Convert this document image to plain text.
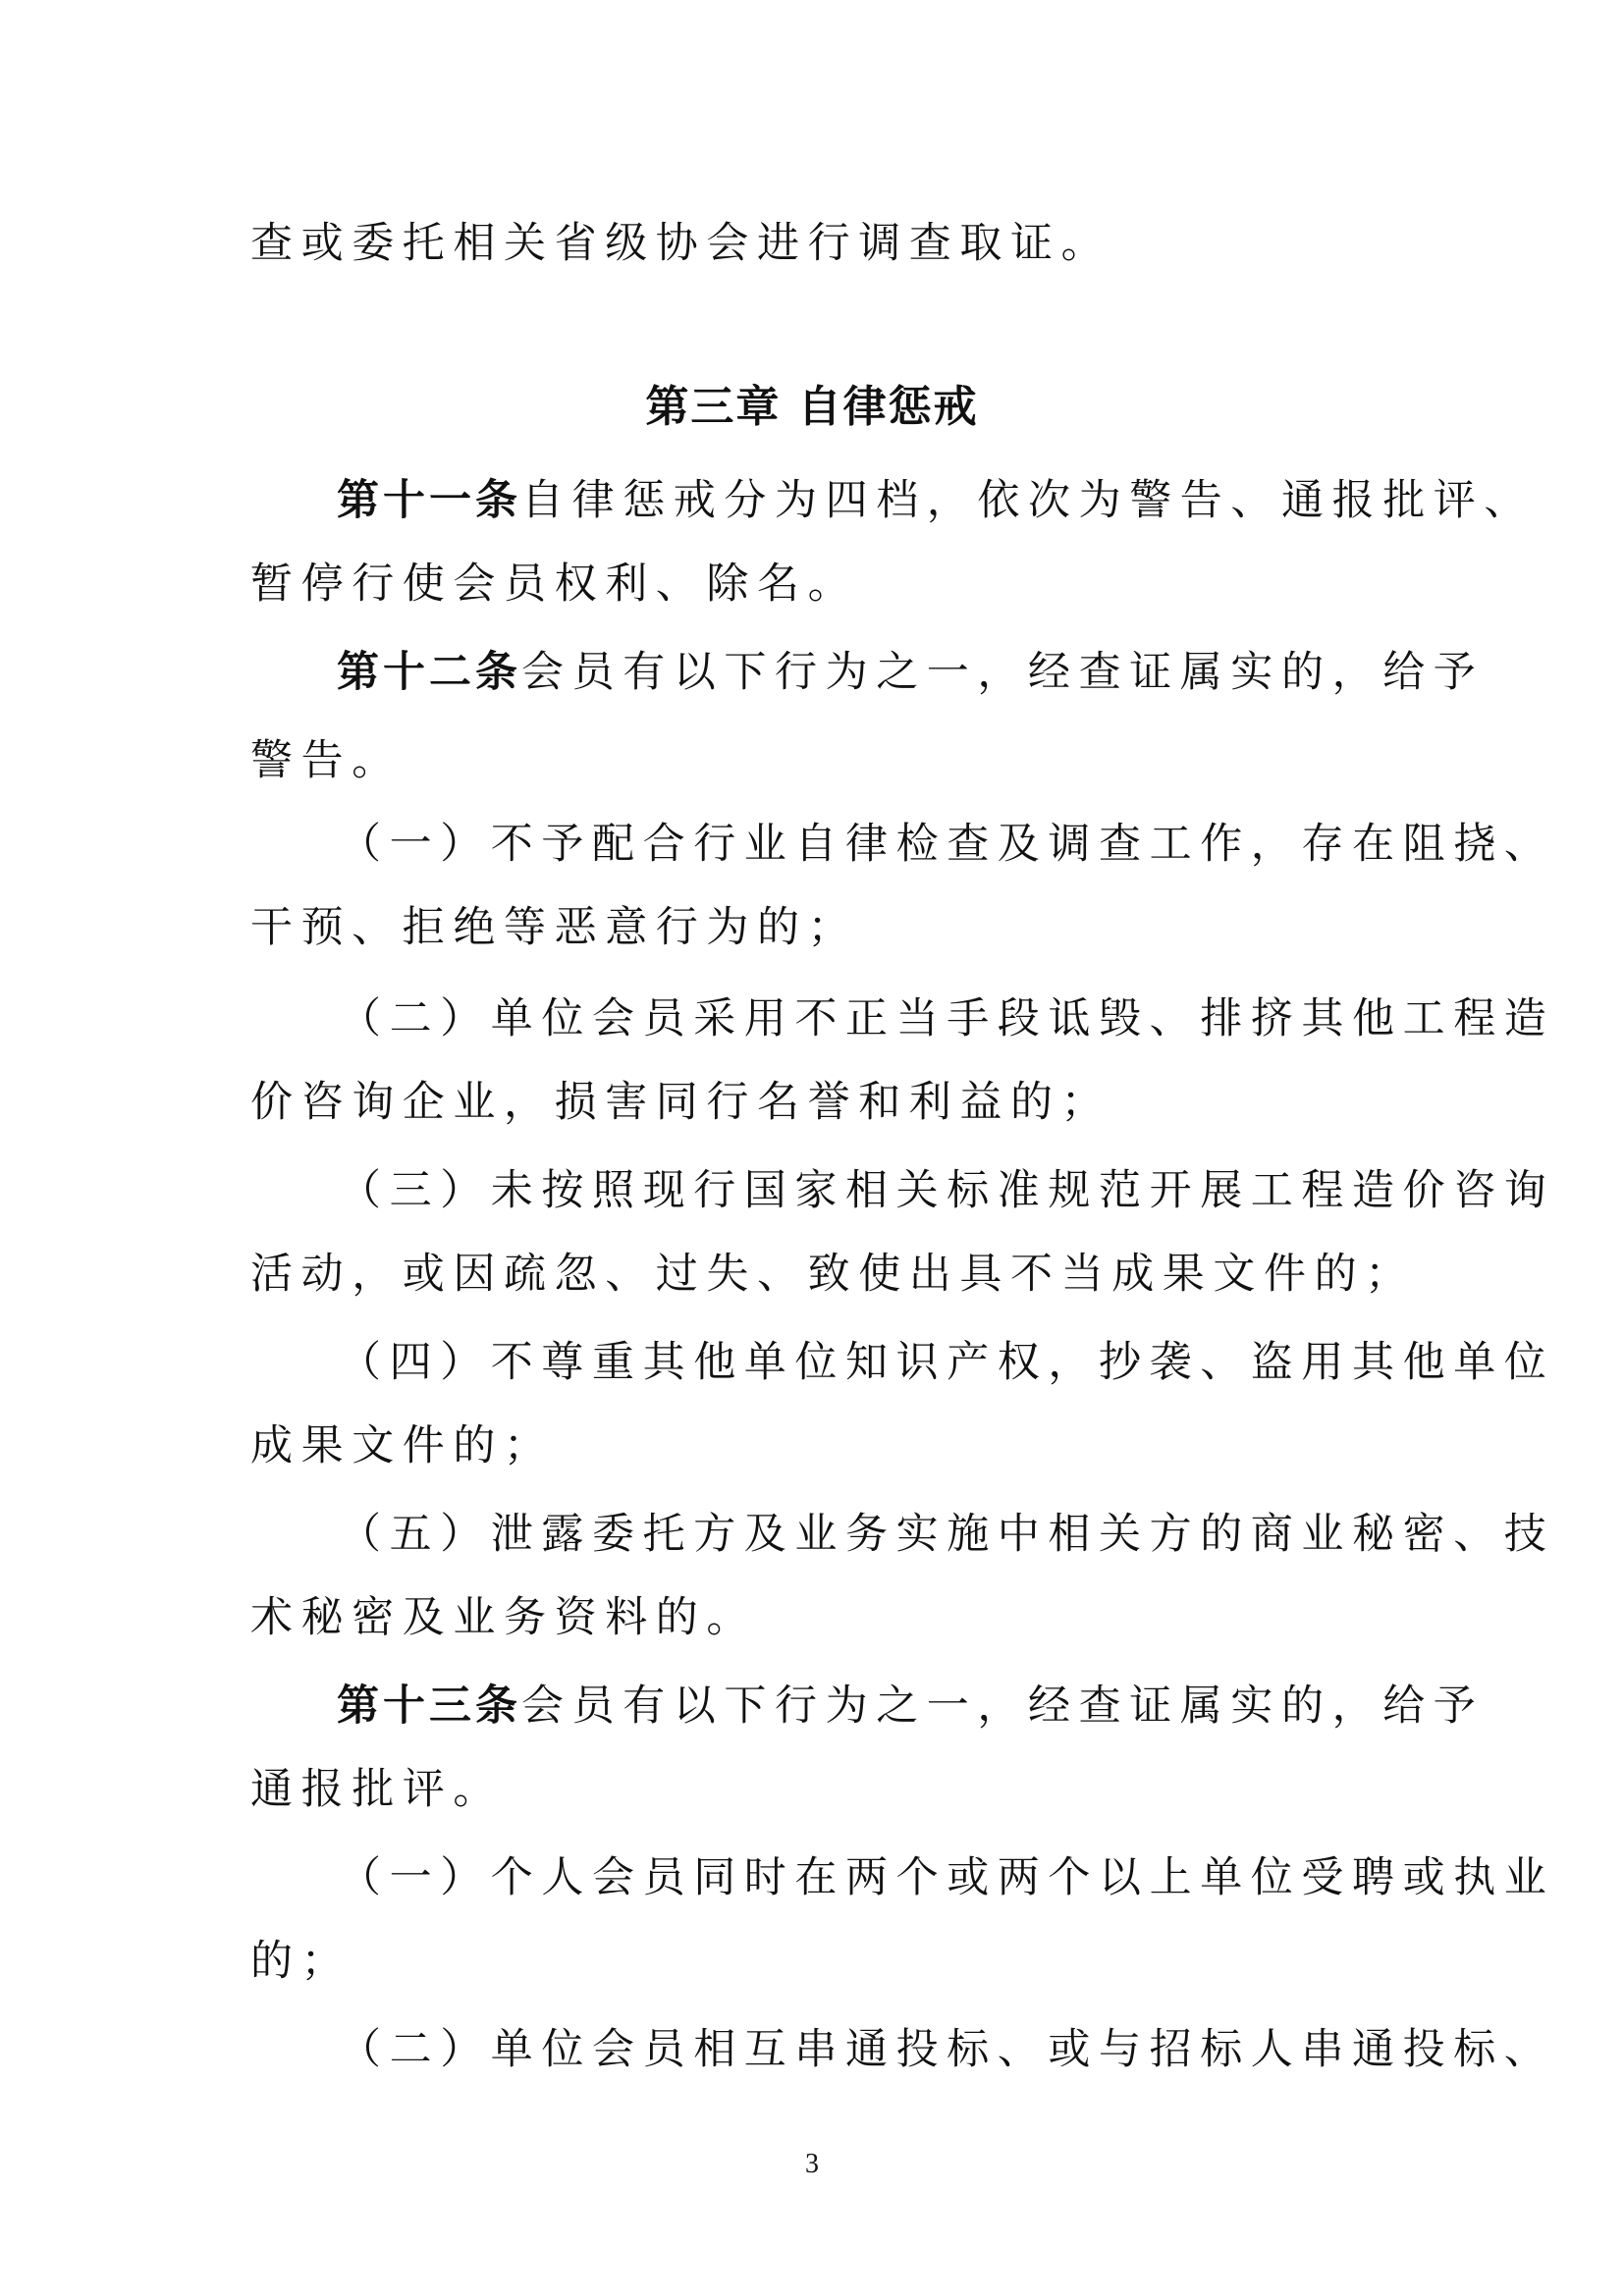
查或委托相关省级协会进行调查取证。
第三章 自律惩戒
第十一条自律惩戒分为四档，依次为警告、通报批评、
暂停行使会员权利、除名。
第十二条会员有以下行为之一，经查证属实的，给予
警告。
（一）不予配合行业自律检查及调查工作，存在阻挠、
干预、拒绝等恶意行为的；
（二）单位会员采用不正当手段诋毁、排挤其他工程造
价咨询企业，损害同行名誉和利益的；
（三）未按照现行国家相关标准规范开展工程造价咨询
活动，或因疏忽、过失、致使出具不当成果文件的；
（四）不尊重其他单位知识产权，抄袭、盗用其他单位
成果文件的；
（五）泄露委托方及业务实施中相关方的商业秘密、技
术秘密及业务资料的。
第十三条会员有以下行为之一，经查证属实的，给予
通报批评。
（一）个人会员同时在两个或两个以上单位受聘或执业
的；
（二）单位会员相互串通投标、或与招标人串通投标、
3
